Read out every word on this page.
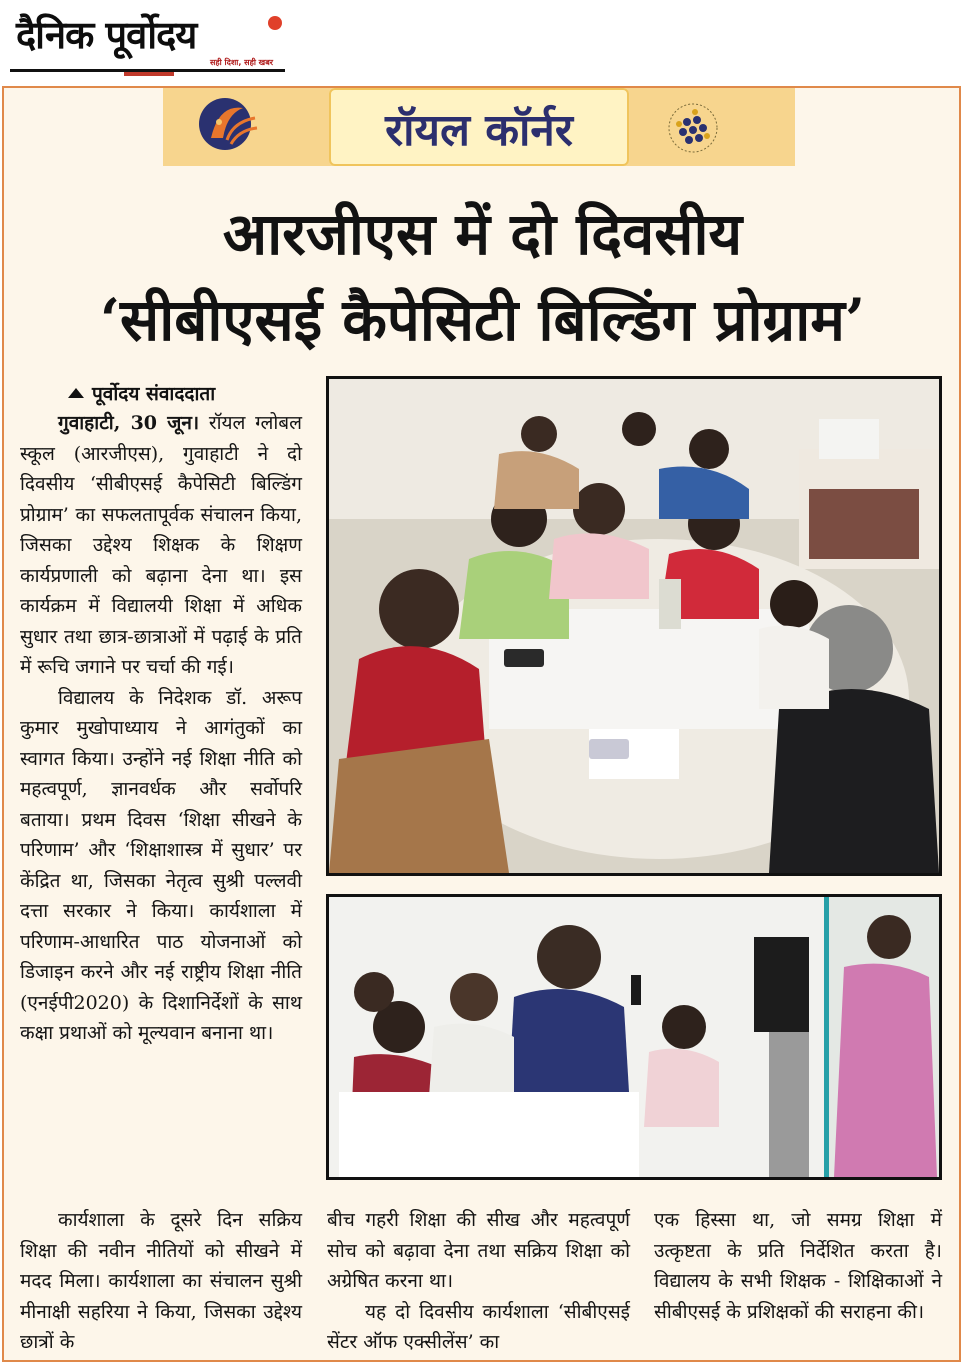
दैनिक पूर्वोदय
सही दिशा, सही खबर
रॉयल कॉर्नर
आरजीएस में दो दिवसीय
‘सीबीएसई कैपेसिटी बिल्डिंग प्रोग्राम’
पूर्वोदय संवाददाता

गुवाहाटी, 30 जून। रॉयल ग्लोबल स्कूल (आरजीएस), गुवाहाटी ने दो दिवसीय ‘सीबीएसई कैपेसिटी बिल्डिंग प्रोग्राम’ का सफलतापूर्वक संचालन किया, जिसका उद्देश्य शिक्षक के शिक्षण कार्यप्रणाली को बढ़ाना देना था। इस कार्यक्रम में विद्यालयी शिक्षा में अधिक सुधार तथा छात्र-छात्राओं में पढ़ाई के प्रति में रूचि जगाने पर चर्चा की गई।

विद्यालय के निदेशक डॉ. अरूप कुमार मुखोपाध्याय ने आगंतुकों का स्वागत किया। उन्होंने नई शिक्षा नीति को महत्वपूर्ण, ज्ञानवर्धक और सर्वोपरि बताया। प्रथम दिवस ‘शिक्षा सीखने के परिणाम’ और ‘शिक्षाशास्त्र में सुधार’ पर केंद्रित था, जिसका नेतृत्व सुश्री पल्लवी दत्ता सरकार ने किया। कार्यशाला में परिणाम-आधारित पाठ योजनाओं को डिजाइन करने और नई राष्ट्रीय शिक्षा नीति (एनईपी2020) के दिशानिर्देशों के साथ कक्षा प्रथाओं को मूल्यवान बनाना था।

कार्यशाला के दूसरे दिन सक्रिय शिक्षा की नवीन नीतियों को सीखने में मदद मिला। कार्यशाला का संचालन सुश्री मीनाक्षी सहरिया ने किया, जिसका उद्देश्य छात्रों के

बीच गहरी शिक्षा की सीख और महत्वपूर्ण सोच को बढ़ावा देना तथा सक्रिय शिक्षा को अग्रेषित करना था।

यह दो दिवसीय कार्यशाला ‘सीबीएसई सेंटर ऑफ एक्सीलेंस’ का

एक हिस्सा था, जो समग्र शिक्षा में उत्कृष्टता के प्रति निर्देशित करता है। विद्यालय के सभी शिक्षक - शिक्षिकाओं ने सीबीएसई के प्रशिक्षकों की सराहना की।
